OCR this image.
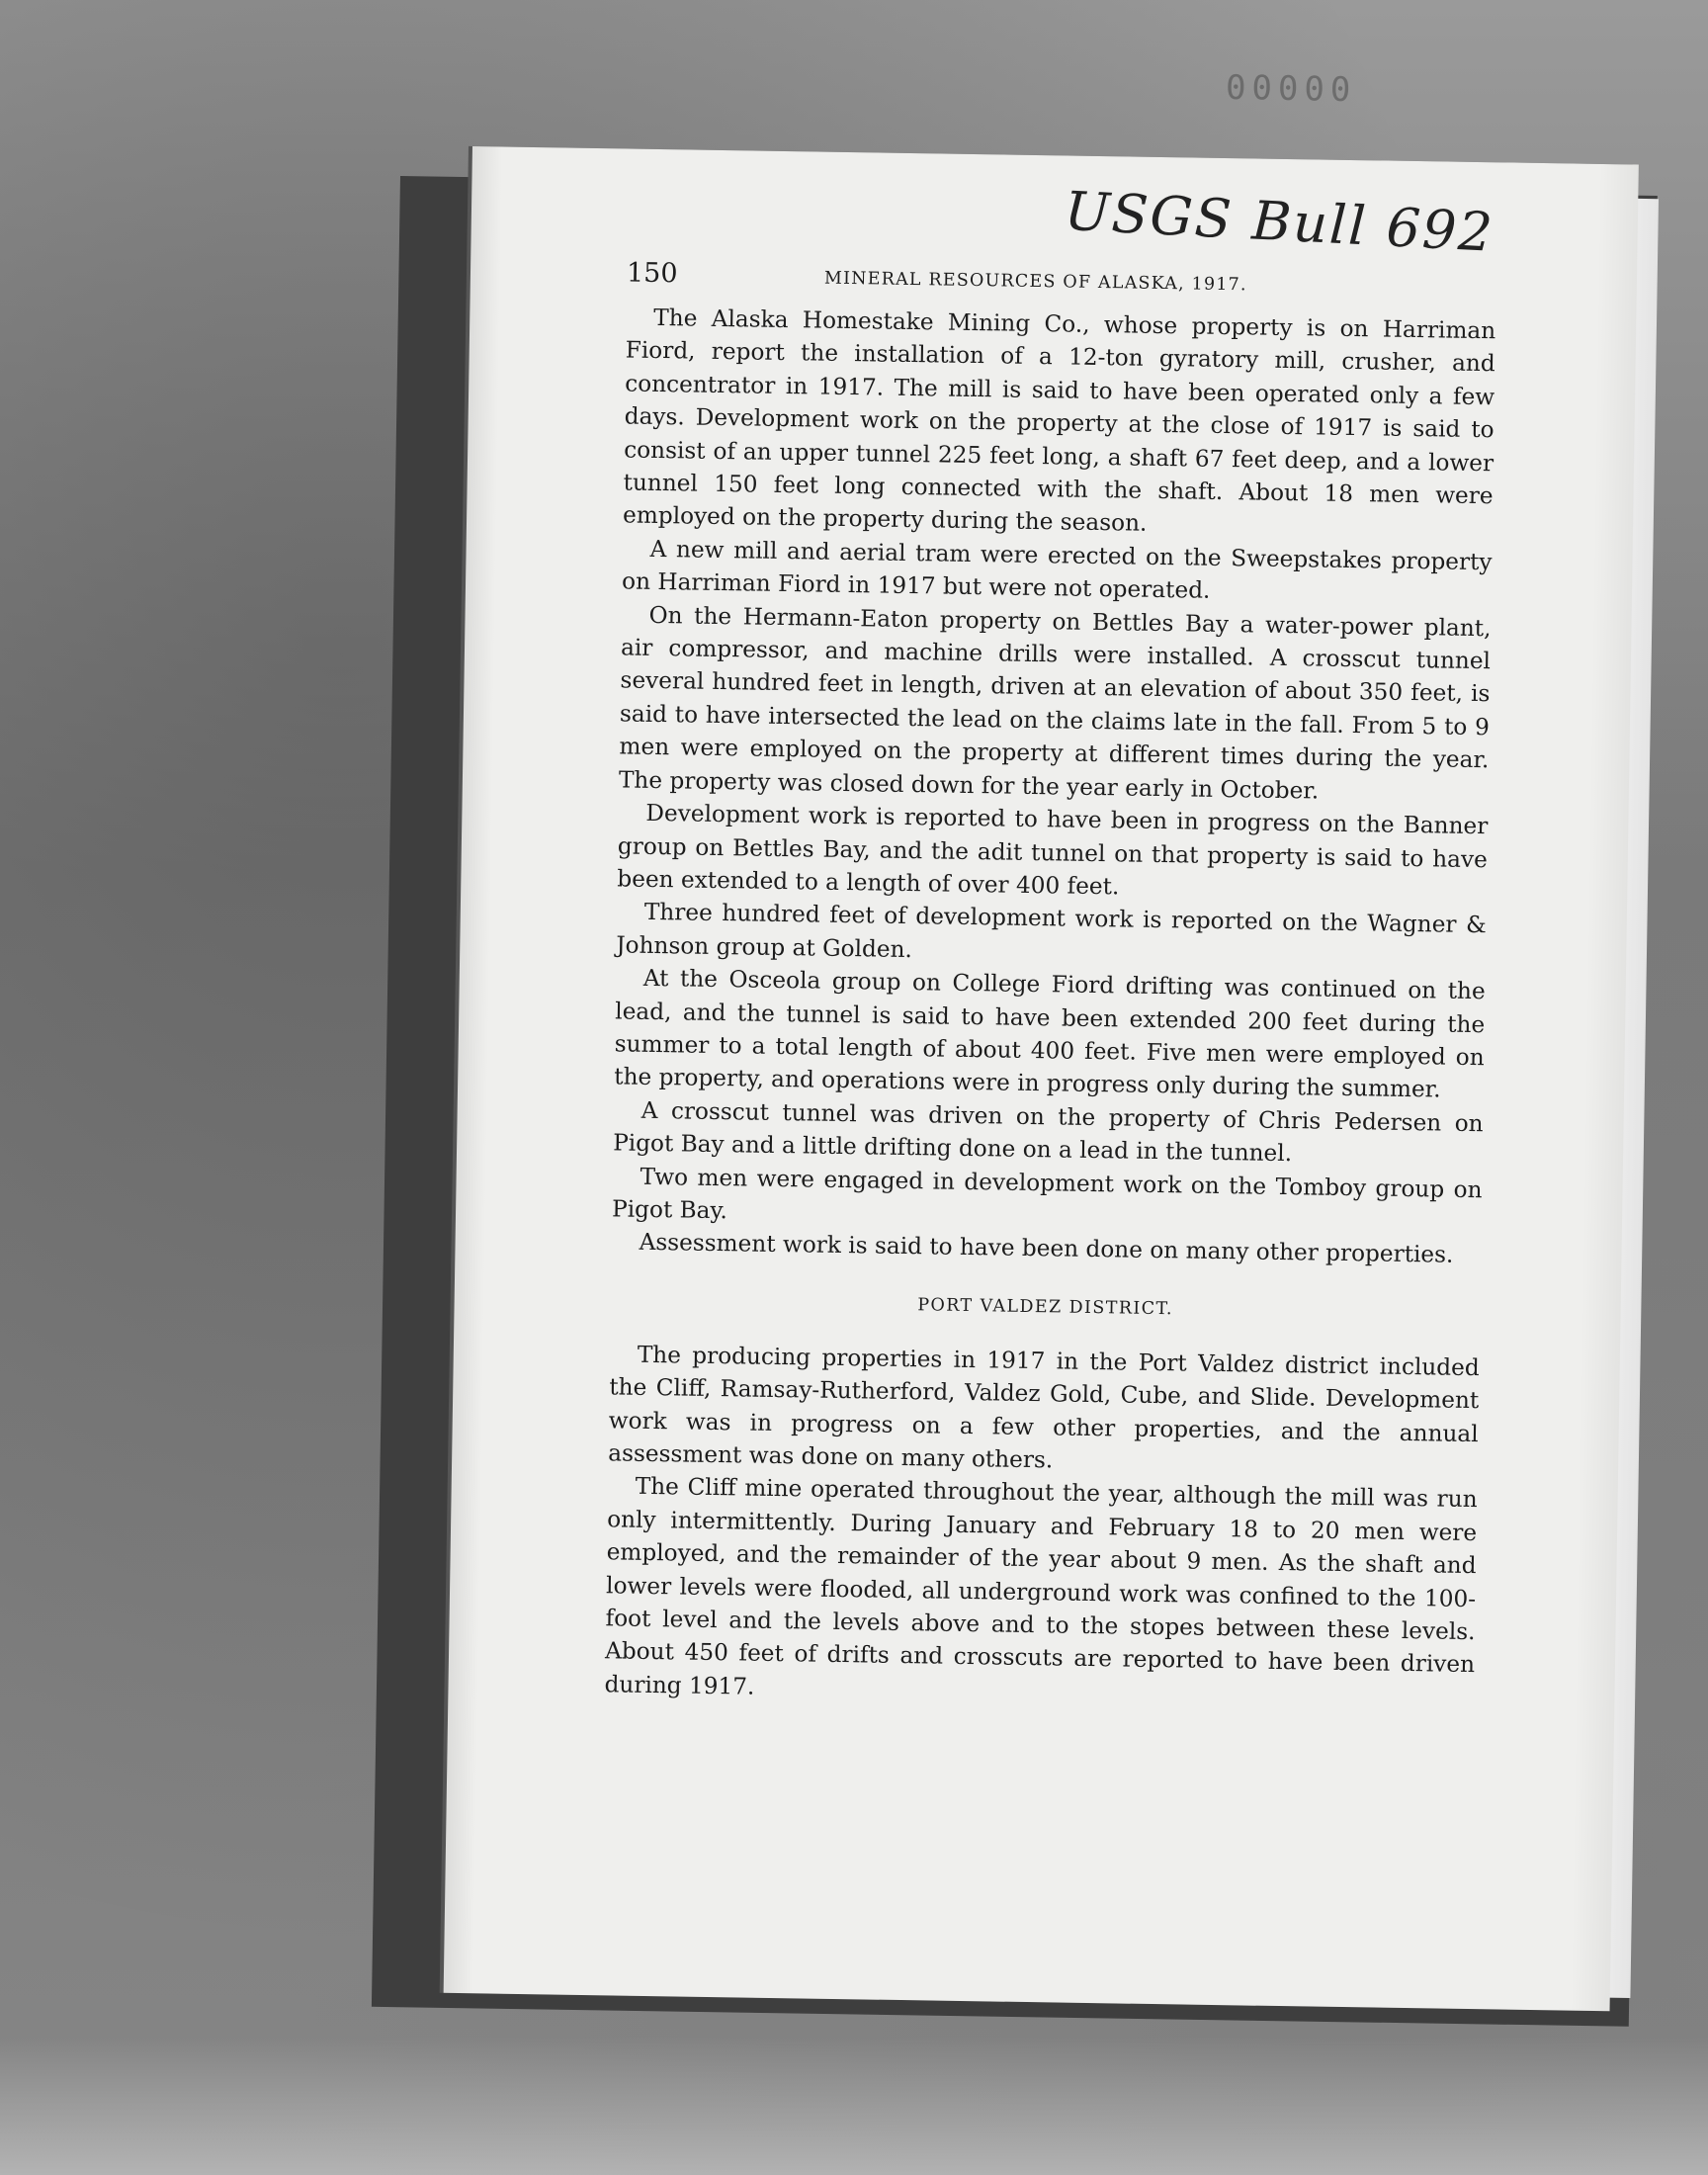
00000
USGS Bull 692
150	MINERAL RESOURCES OF ALASKA, 1917.

The Alaska Homestake Mining Co., whose property is on Harriman Fiord, report the installation of a 12-ton gyratory mill, crusher, and concentrator in 1917. The mill is said to have been operated only a few days. Development work on the property at the close of 1917 is said to consist of an upper tunnel 225 feet long, a shaft 67 feet deep, and a lower tunnel 150 feet long connected with the shaft. About 18 men were employed on the property during the season.

A new mill and aerial tram were erected on the Sweepstakes property on Harriman Fiord in 1917 but were not operated.

On the Hermann-Eaton property on Bettles Bay a water-power plant, air compressor, and machine drills were installed. A crosscut tunnel several hundred feet in length, driven at an elevation of about 350 feet, is said to have intersected the lead on the claims late in the fall. From 5 to 9 men were employed on the property at different times during the year. The property was closed down for the year early in October.

Development work is reported to have been in progress on the Banner group on Bettles Bay, and the adit tunnel on that property is said to have been extended to a length of over 400 feet.

Three hundred feet of development work is reported on the Wagner & Johnson group at Golden.

At the Osceola group on College Fiord drifting was continued on the lead, and the tunnel is said to have been extended 200 feet during the summer to a total length of about 400 feet. Five men were employed on the property, and operations were in progress only during the summer.

A crosscut tunnel was driven on the property of Chris Pedersen on Pigot Bay and a little drifting done on a lead in the tunnel.

Two men were engaged in development work on the Tomboy group on Pigot Bay.

Assessment work is said to have been done on many other properties.

PORT VALDEZ DISTRICT.

The producing properties in 1917 in the Port Valdez district included the Cliff, Ramsay-Rutherford, Valdez Gold, Cube, and Slide. Development work was in progress on a few other properties, and the annual assessment was done on many others.

The Cliff mine operated throughout the year, although the mill was run only intermittently. During January and February 18 to 20 men were employed, and the remainder of the year about 9 men. As the shaft and lower levels were flooded, all underground work was confined to the 100-foot level and the levels above and to the stopes between these levels. About 450 feet of drifts and crosscuts are reported to have been driven during 1917.
